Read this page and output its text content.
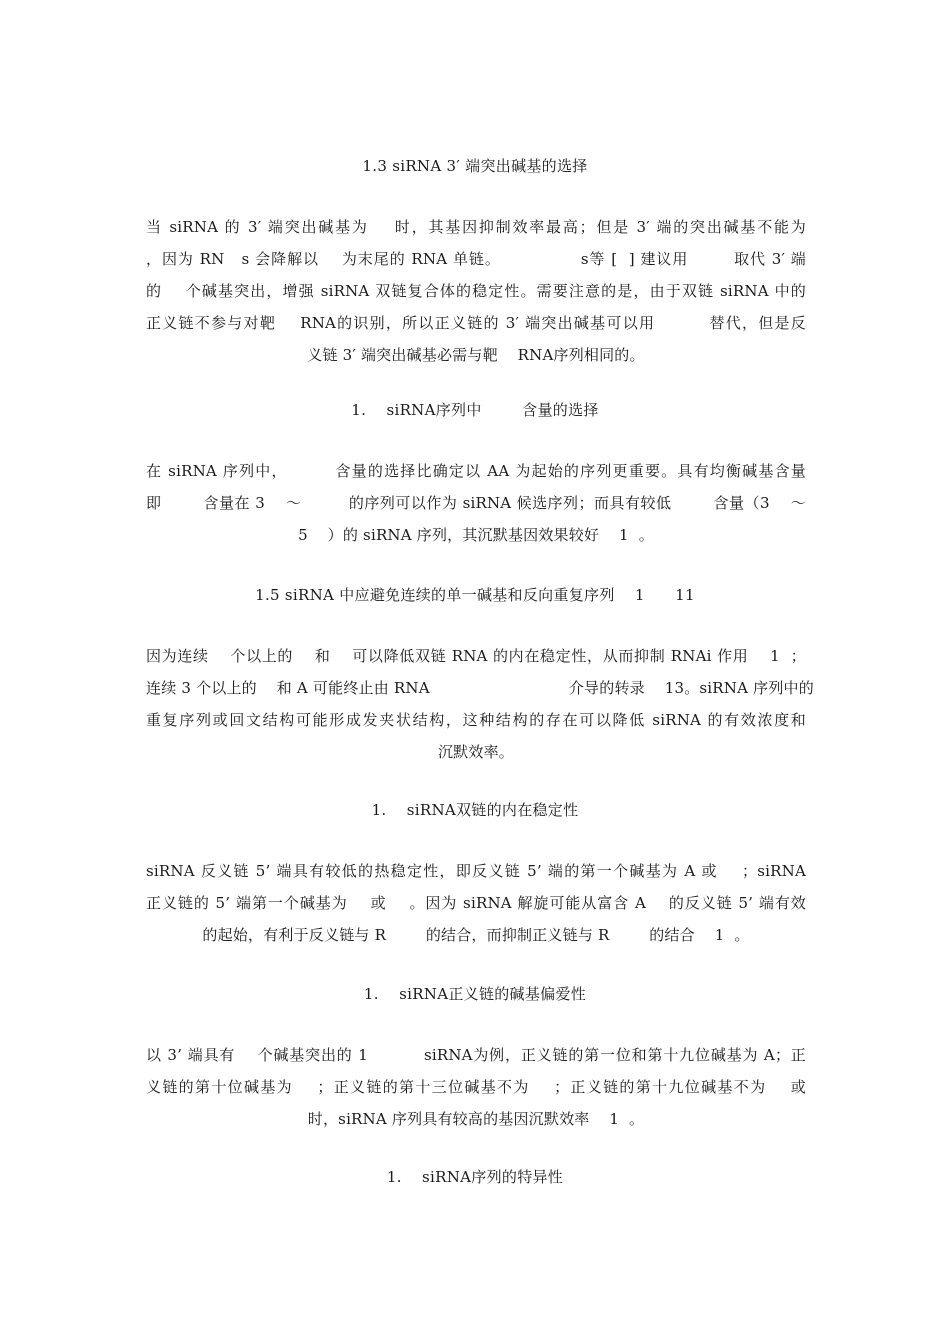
1.3 siRNA 3′ 端突出碱基的选择
当 siRNA 的 3′ 端突出碱基为    时，其基因抑制效率最高；但是 3′ 端的突出碱基不能为
，因为 RN   s 会降解以    为末尾的 RNA 单链。              s等 [  ] 建议用        取代 3′ 端
的    个碱基突出，增强 siRNA 双链复合体的稳定性。需要注意的是，由于双链 siRNA 中的
正义链不参与对靶    RNA的识别，所以正义链的 3′ 端突出碱基可以用         替代，但是反
义链 3′ 端突出碱基必需与靶    RNA序列相同的。
1.    siRNA序列中        含量的选择
在 siRNA 序列中，        含量的选择比确定以 AA 为起始的序列更重要。具有均衡碱基含量
即        含量在 3    ～         的序列可以作为 siRNA 候选序列；而具有较低        含量（3    ～
5    ）的 siRNA 序列，其沉默基因效果较好    1  。
1.5 siRNA 中应避免连续的单一碱基和反向重复序列    1      11
因为连续    个以上的    和    可以降低双链 RNA 的内在稳定性，从而抑制 RNAi 作用    1  ；
连续 3 个以上的    和 A 可能终止由 RNA                            介导的转录    13。siRNA 序列中的
重复序列或回文结构可能形成发夹状结构，这种结构的存在可以降低 siRNA 的有效浓度和
沉默效率。
1.    siRNA双链的内在稳定性
siRNA 反义链 5’ 端具有较低的热稳定性，即反义链 5’ 端的第一个碱基为 A 或    ；siRNA
正义链的 5’ 端第一个碱基为    或    。因为 siRNA 解旋可能从富含 A    的反义链 5’ 端有效
的起始，有利于反义链与 R        的结合，而抑制正义链与 R        的结合    1  。
1.    siRNA正义链的碱基偏爱性
以 3’ 端具有    个碱基突出的 1          siRNA为例，正义链的第一位和第十九位碱基为 A；正
义链的第十位碱基为    ；正义链的第十三位碱基不为    ；正义链的第十九位碱基不为    或
时，siRNA 序列具有较高的基因沉默效率    1  。
1.    siRNA序列的特异性
